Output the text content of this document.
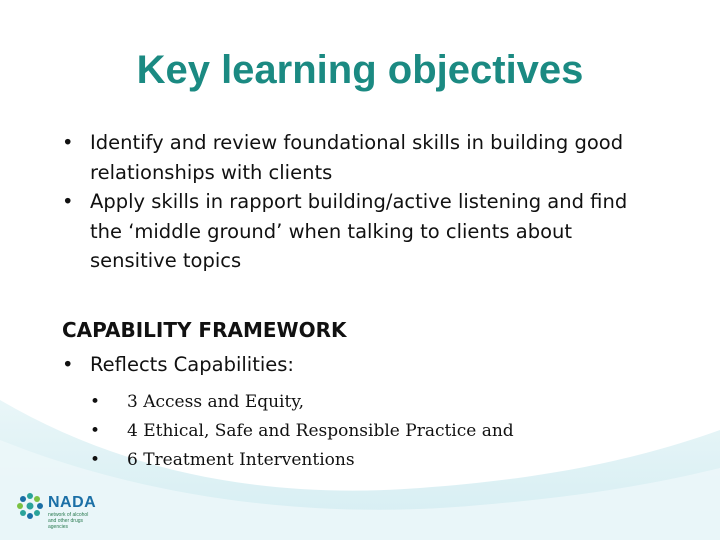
Key learning objectives
• Identify and review foundational skills in building good
relationships with clients
• Apply skills in rapport building/active listening and find
the ‘middle ground’ when talking to clients about
sensitive topics
CAPABILITY FRAMEWORK
• Reflects Capabilities:
• 3 Access and Equity,
• 4 Ethical, Safe and Responsible Practice and
• 6 Treatment Interventions
NADA
network of alcohol and other drugs agencies
